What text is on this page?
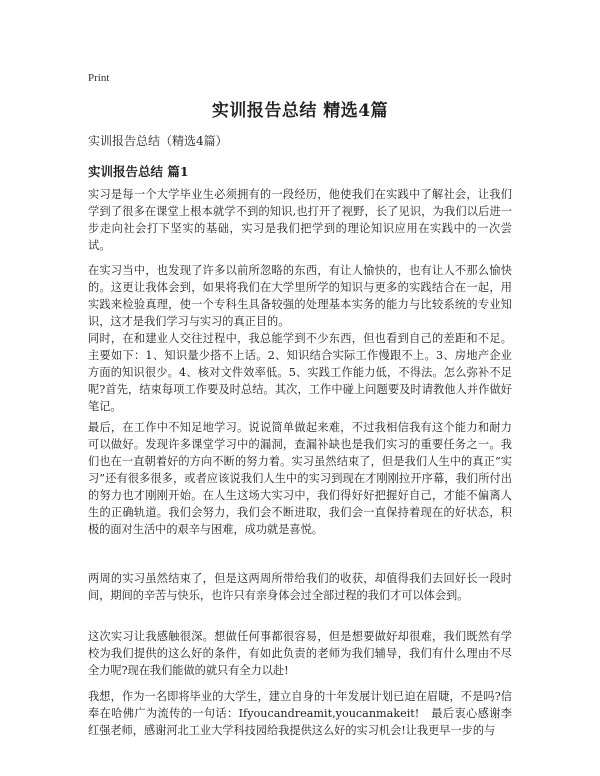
Print
实训报告总结 精选4篇
实训报告总结（精选4篇）
实训报告总结 篇1

实习是每一个大学毕业生必须拥有的一段经历，他使我们在实践中了解社会，让我们学到了很多在课堂上根本就学不到的知识,也打开了视野，长了见识，为我们以后进一步走向社会打下坚实的基础，实习是我们把学到的理论知识应用在实践中的一次尝试。

在实习当中，也发现了许多以前所忽略的东西，有让人愉快的，也有让人不那么愉快的。这更让我体会到，如果将我们在大学里所学的知识与更多的实践结合在一起，用实践来检验真理，使一个专科生具备较强的处理基本实务的能力与比较系统的专业知识，这才是我们学习与实习的真正目的。

同时，在和建业人交往过程中，我总能学到不少东西，但也看到自己的差距和不足。主要如下：1、知识量少搭不上话。2、知识结合实际工作慢跟不上。3、房地产企业方面的知识很少。4、核对文件效率低。5、实践工作能力低，不得法。怎么弥补不足呢?首先，结束每项工作要及时总结。其次，工作中碰上问题要及时请教他人并作做好笔记。

最后，在工作中不知足地学习。说说简单做起来难，不过我相信我有这个能力和耐力可以做好。发现许多课堂学习中的漏洞，查漏补缺也是我们实习的重要任务之一。我们也在一直朝着好的方向不断的努力着。实习虽然结束了，但是我们人生中的真正“实习”还有很多很多，或者应该说我们人生中的实习到现在才刚刚拉开序幕，我们所付出的努力也才刚刚开始。在人生这场大实习中，我们得好好把握好自己，才能不偏离人生的正确轨道。我们会努力，我们会不断进取，我们会一直保持着现在的好状态，积极的面对生活中的艰辛与困难，成功就是喜悦。

两周的实习虽然结束了，但是这两周所带给我们的收获，却值得我们去回好长一段时间，期间的辛苦与快乐，也许只有亲身体会过全部过程的我们才可以体会到。

这次实习让我感触很深。想做任何事都很容易，但是想要做好却很难，我们既然有学校为我们提供的这么好的条件，有如此负责的老师为我们辅导，我们有什么理由不尽全力呢?现在我们能做的就只有全力以赴!

我想，作为一名即将毕业的大学生，建立自身的十年发展计划已迫在眉睫，不是吗?信奉在哈佛广为流传的一句话：Ifyoucandreamit,youcanmakeit!　最后衷心感谢李红强老师，感谢河北工业大学科技园给我提供这么好的实习机会!让我更早一步的与
